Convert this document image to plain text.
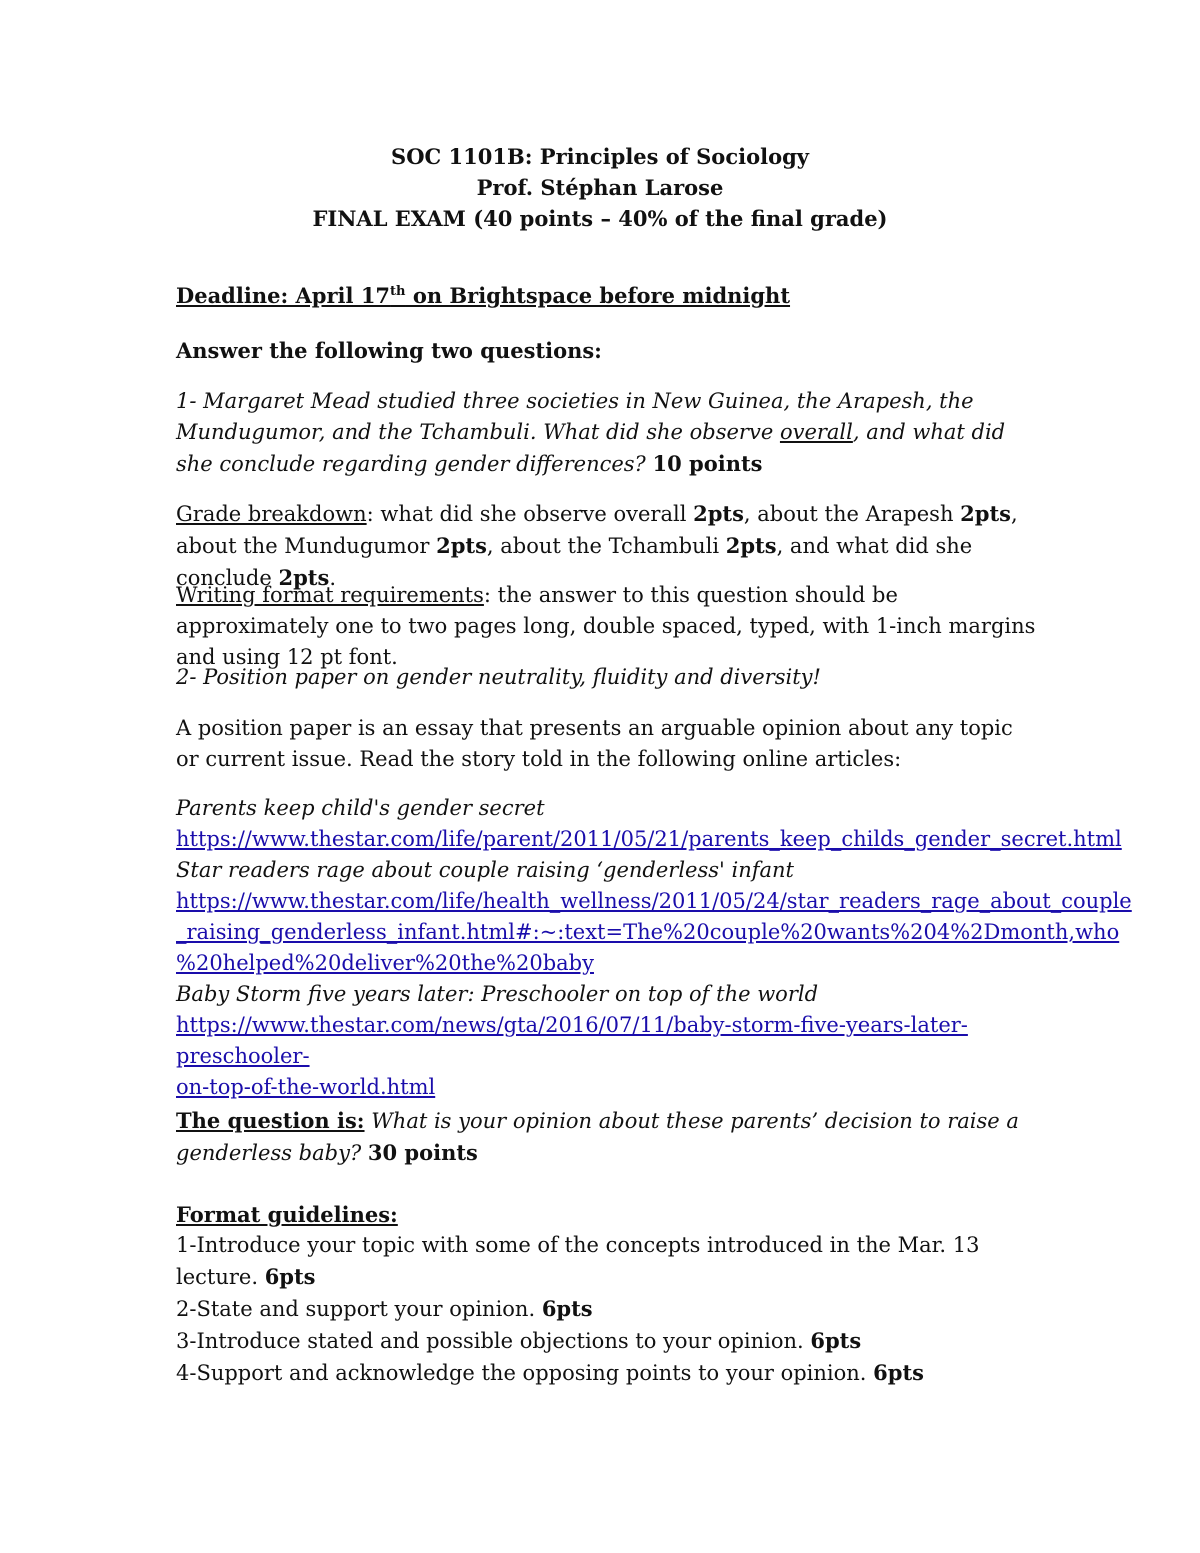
SOC 1101B: Principles of Sociology
Prof. Stéphan Larose
FINAL EXAM (40 points – 40% of the final grade)
Deadline: April 17th on Brightspace before midnight
Answer the following two questions:
1- Margaret Mead studied three societies in New Guinea, the Arapesh, the Mundugumor, and the Tchambuli. What did she observe overall, and what did she conclude regarding gender differences? 10 points
Grade breakdown: what did she observe overall 2pts, about the Arapesh 2pts, about the Mundugumor 2pts, about the Tchambuli 2pts, and what did she conclude 2pts.
Writing format requirements: the answer to this question should be approximately one to two pages long, double spaced, typed, with 1-inch margins and using 12 pt font.
2- Position paper on gender neutrality, fluidity and diversity!
A position paper is an essay that presents an arguable opinion about any topic or current issue. Read the story told in the following online articles:
Parents keep child's gender secret
https://www.thestar.com/life/parent/2011/05/21/parents_keep_childs_gender_secret.html
Star readers rage about couple raising ‘genderless' infant
https://www.thestar.com/life/health_wellness/2011/05/24/star_readers_rage_about_couple
_raising_genderless_infant.html#:~:text=The%20couple%20wants%204%2Dmonth,who
%20helped%20deliver%20the%20baby
Baby Storm five years later: Preschooler on top of the world
https://www.thestar.com/news/gta/2016/07/11/baby-storm-five-years-later-preschooler-
on-top-of-the-world.html
The question is: What is your opinion about these parents’ decision to raise a genderless baby? 30 points
Format guidelines:
1-Introduce your topic with some of the concepts introduced in the Mar. 13 lecture. 6pts
2-State and support your opinion. 6pts
3-Introduce stated and possible objections to your opinion. 6pts
4-Support and acknowledge the opposing points to your opinion. 6pts
